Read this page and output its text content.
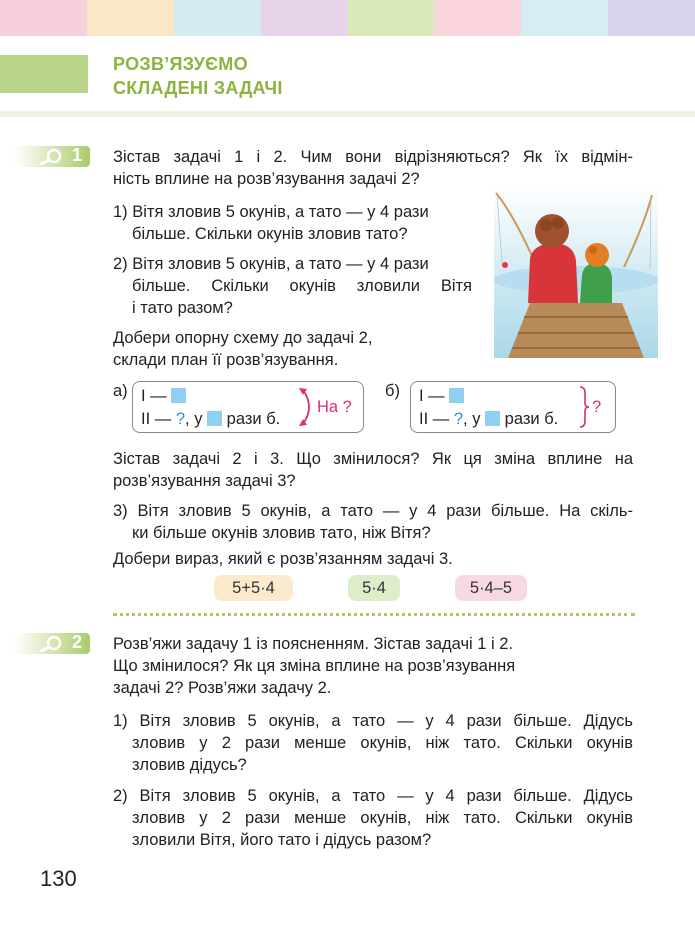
РОЗВ’ЯЗУЄМО
СКЛАДЕНІ ЗАДАЧІ
1 Зістав задачі 1 і 2. Чим вони відрізняються? Як їх відмін-
ність вплине на розв’язування задачі 2?
1) Вітя зловив 5 окунів, а тато — у 4 рази
більше. Скільки окунів зловив тато?
2) Вітя зловив 5 окунів, а тато — у 4 рази
більше. Скільки окунів зловили Вітя
і тато разом?
Добери опорну схему до задачі 2,
склади план її розв’язування.
а) I —
II — ?, у рази б.
На ?
б) I —
II — ?, у рази б.
?
Зістав задачі 2 і 3. Що змінилося? Як ця зміна вплине на
розв’язування задачі 3?
3) Вітя зловив 5 окунів, а тато — у 4 рази більше. На скіль-
ки більше окунів зловив тато, ніж Вітя?
Добери вираз, який є розв’язанням задачі 3.
5+5·4	5·4	5·4–5
2 Розв’яжи задачу 1 із поясненням. Зістав задачі 1 і 2.
Що змінилося? Як ця зміна вплине на розв’язування
задачі 2? Розв’яжи задачу 2.
1) Вітя зловив 5 окунів, а тато — у 4 рази більше. Дідусь
зловив у 2 рази менше окунів, ніж тато. Скільки окунів
зловив дідусь?
2) Вітя зловив 5 окунів, а тато — у 4 рази більше. Дідусь
зловив у 2 рази менше окунів, ніж тато. Скільки окунів
зловили Вітя, його тато і дідусь разом?
130
